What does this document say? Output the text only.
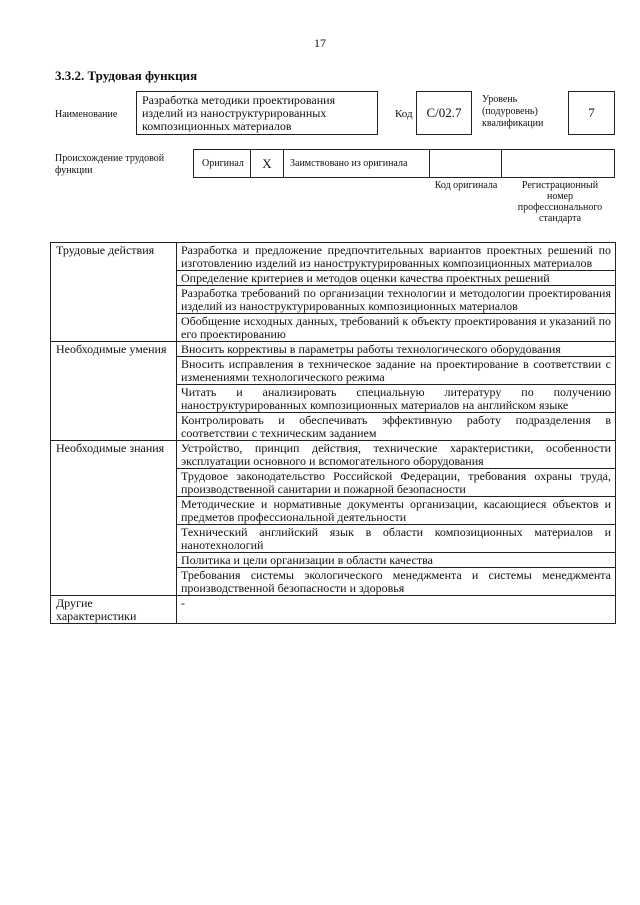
17
3.3.2. Трудовая функция
Наименование
Разработка методики проектирования изделий из наноструктурированных композиционных материалов
Код	C/02.7
Уровень (подуровень) квалификации
7
Происхождение трудовой функции
Оригинал	X	Заимствовано из оригинала
Код оригинала	Регистрационный номер профессионального стандарта
Трудовые действия	Разработка и предложение предпочтительных вариантов проектных решений по изготовлению изделий из наноструктурированных композиционных материалов
	Определение критериев и методов оценки качества проектных решений
	Разработка требований по организации технологии и методологии проектирования изделий из наноструктурированных композиционных материалов
	Обобщение исходных данных, требований к объекту проектирования и указаний по его проектированию
Необходимые умения	Вносить коррективы в параметры работы технологического оборудования
	Вносить исправления в техническое задание на проектирование в соответствии с изменениями технологического режима
	Читать и анализировать специальную литературу по получению наноструктурированных композиционных материалов на английском языке
	Контролировать и обеспечивать эффективную работу подразделения в соответствии с техническим заданием
Необходимые знания	Устройство, принцип действия, технические характеристики, особенности эксплуатации основного и вспомогательного оборудования
	Трудовое законодательство Российской Федерации, требования охраны труда, производственной санитарии и пожарной безопасности
	Методические и нормативные документы организации, касающиеся объектов и предметов профессиональной деятельности
	Технический английский язык в области композиционных материалов и нанотехнологий
	Политика и цели организации в области качества
	Требования системы экологического менеджмента и системы менеджмента производственной безопасности и здоровья
Другие характеристики	-
